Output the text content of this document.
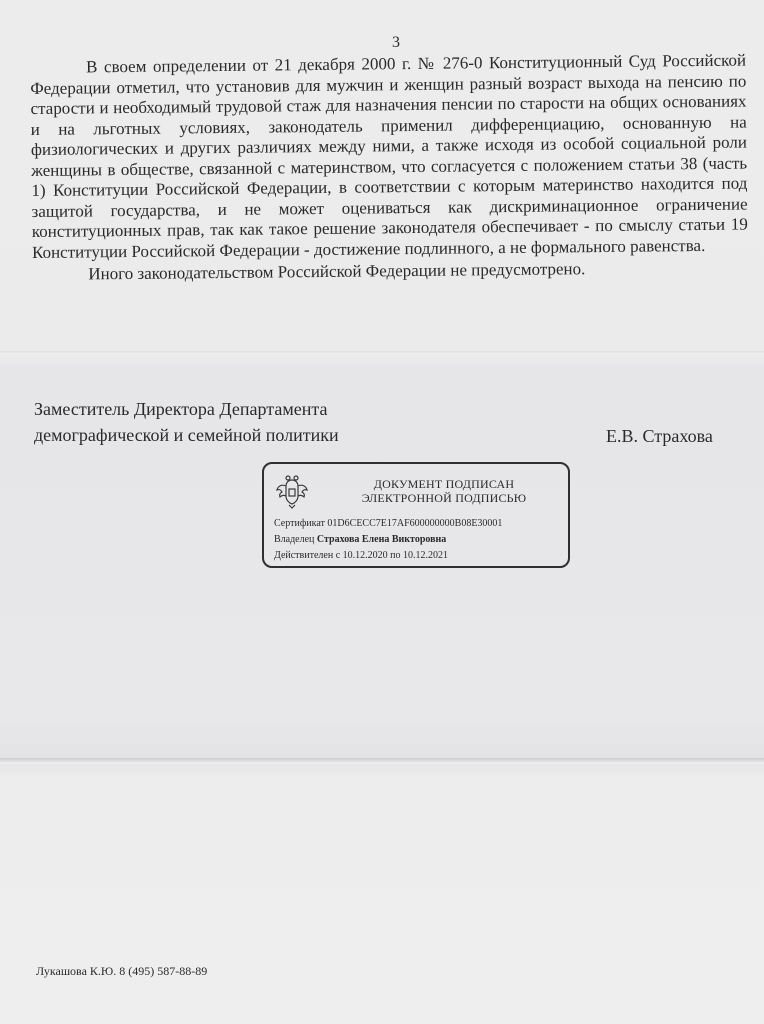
3

В своем определении от 21 декабря 2000 г. № 276-0 Конституционный Суд Российской Федерации отметил, что установив для мужчин и женщин разный возраст выхода на пенсию по старости и необходимый трудовой стаж для назначения пенсии по старости на общих основаниях и на льготных условиях, законодатель применил дифференциацию, основанную на физиологических и других различиях между ними, а также исходя из особой социальной роли женщины в обществе, связанной с материнством, что согласуется с положением статьи 38 (часть 1) Конституции Российской Федерации, в соответствии с которым материнство находится под защитой государства, и не может оцениваться как дискриминационное ограничение конституционных прав, так как такое решение законодателя обеспечивает - по смыслу статьи 19 Конституции Российской Федерации - достижение подлинного, а не формального равенства.

Иного законодательством Российской Федерации не предусмотрено.

Заместитель Директора Департамента
демографической и семейной политики	Е.В. Страхова
ДОКУМЕНТ ПОДПИСАН
ЭЛЕКТРОННОЙ ПОДПИСЬЮ
Сертификат 01D6CECC7E17AF600000000B08E30001
Владелец Страхова Елена Викторовна
Действителен с 10.12.2020 по 10.12.2021
Лукашова К.Ю. 8 (495) 587-88-89
